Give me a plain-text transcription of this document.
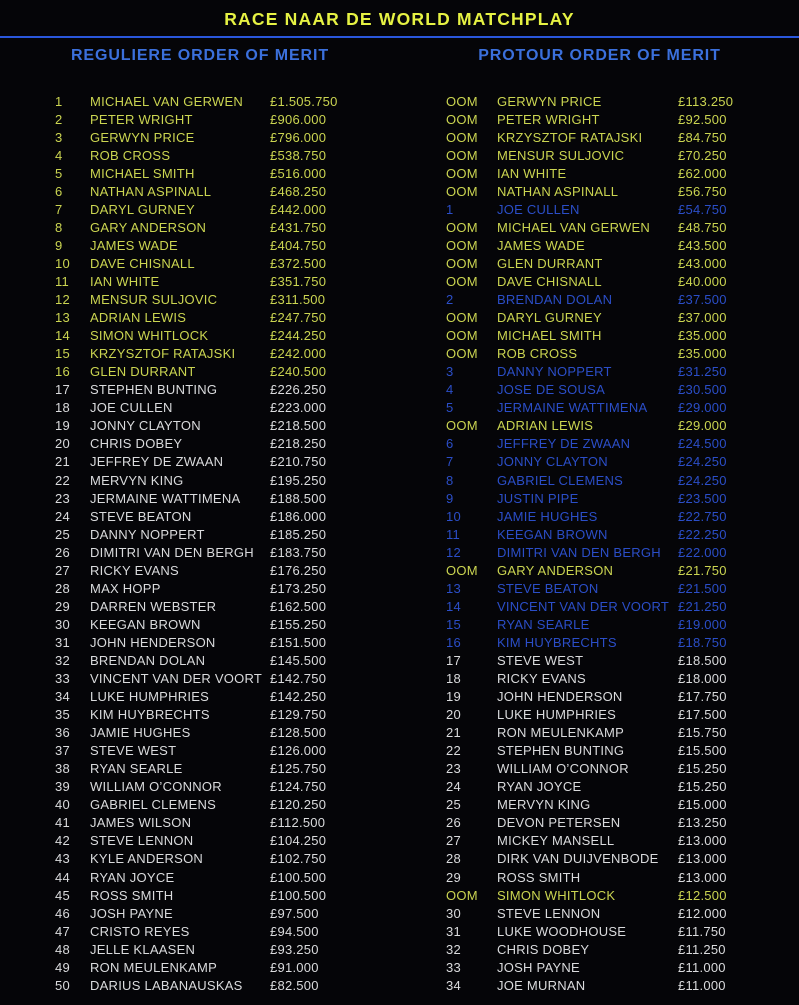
RACE NAAR DE WORLD MATCHPLAY
REGULIERE ORDER OF MERIT
1	MICHAEL VAN GERWEN	£1.505.750
2	PETER WRIGHT	£906.000
3	GERWYN PRICE	£796.000
4	ROB CROSS	£538.750
5	MICHAEL SMITH	£516.000
6	NATHAN ASPINALL	£468.250
7	DARYL GURNEY	£442.000
8	GARY ANDERSON	£431.750
9	JAMES WADE	£404.750
10	DAVE CHISNALL	£372.500
11	IAN WHITE	£351.750
12	MENSUR SULJOVIC	£311.500
13	ADRIAN LEWIS	£247.750
14	SIMON WHITLOCK	£244.250
15	KRZYSZTOF RATAJSKI	£242.000
16	GLEN DURRANT	£240.500
17	STEPHEN BUNTING	£226.250
18	JOE CULLEN	£223.000
19	JONNY CLAYTON	£218.500
20	CHRIS DOBEY	£218.250
21	JEFFREY DE ZWAAN	£210.750
22	MERVYN KING	£195.250
23	JERMAINE WATTIMENA	£188.500
24	STEVE BEATON	£186.000
25	DANNY NOPPERT	£185.250
26	DIMITRI VAN DEN BERGH	£183.750
27	RICKY EVANS	£176.250
28	MAX HOPP	£173.250
29	DARREN WEBSTER	£162.500
30	KEEGAN BROWN	£155.250
31	JOHN HENDERSON	£151.500
32	BRENDAN DOLAN	£145.500
33	VINCENT VAN DER VOORT £142.750
34	LUKE HUMPHRIES	£142.250
35	KIM HUYBRECHTS	£129.750
36	JAMIE HUGHES	£128.500
37	STEVE WEST	£126.000
38	RYAN SEARLE	£125.750
39	WILLIAM O’CONNOR	£124.750
40	GABRIEL CLEMENS	£120.250
41	JAMES WILSON	£112.500
42	STEVE LENNON	£104.250
43	KYLE ANDERSON	£102.750
44	RYAN JOYCE	£100.500
45	ROSS SMITH	£100.500
46	JOSH PAYNE	£97.500
47	CRISTO REYES	£94.500
48	JELLE KLAASEN	£93.250
49	RON MEULENKAMP	£91.000
50	DARIUS LABANAUSKAS	£82.500
PROTOUR ORDER OF MERIT
OOM	GERWYN PRICE	£113.250
OOM	PETER WRIGHT	£92.500
OOM	KRZYSZTOF RATAJSKI	£84.750
OOM	MENSUR SULJOVIC	£70.250
OOM	IAN WHITE	£62.000
OOM	NATHAN ASPINALL	£56.750
1	JOE CULLEN	£54.750
OOM	MICHAEL VAN GERWEN	£48.750
OOM	JAMES WADE	£43.500
OOM	GLEN DURRANT	£43.000
OOM	DAVE CHISNALL	£40.000
2	BRENDAN DOLAN	£37.500
OOM	DARYL GURNEY	£37.000
OOM	MICHAEL SMITH	£35.000
OOM	ROB CROSS	£35.000
3	DANNY NOPPERT	£31.250
4	JOSE DE SOUSA	£30.500
5	JERMAINE WATTIMENA	£29.000
OOM	ADRIAN LEWIS	£29.000
6	JEFFREY DE ZWAAN	£24.500
7	JONNY CLAYTON	£24.250
8	GABRIEL CLEMENS	£24.250
9	JUSTIN PIPE	£23.500
10	JAMIE HUGHES	£22.750
11	KEEGAN BROWN	£22.250
12	DIMITRI VAN DEN BERGH	£22.000
OOM	GARY ANDERSON	£21.750
13	STEVE BEATON	£21.500
14	VINCENT VAN DER VOORT £21.250
15	RYAN SEARLE	£19.000
16	KIM HUYBRECHTS	£18.750
17	STEVE WEST	£18.500
18	RICKY EVANS	£18.000
19	JOHN HENDERSON	£17.750
20	LUKE HUMPHRIES	£17.500
21	RON MEULENKAMP	£15.750
22	STEPHEN BUNTING	£15.500
23	WILLIAM O’CONNOR	£15.250
24	RYAN JOYCE	£15.250
25	MERVYN KING	£15.000
26	DEVON PETERSEN	£13.250
27	MICKEY MANSELL	£13.000
28	DIRK VAN DUIJVENBODE	£13.000
29	ROSS SMITH	£13.000
OOM	SIMON WHITLOCK	£12.500
30	STEVE LENNON	£12.000
31	LUKE WOODHOUSE	£11.750
32	CHRIS DOBEY	£11.250
33	JOSH PAYNE	£11.000
34	JOE MURNAN	£11.000
